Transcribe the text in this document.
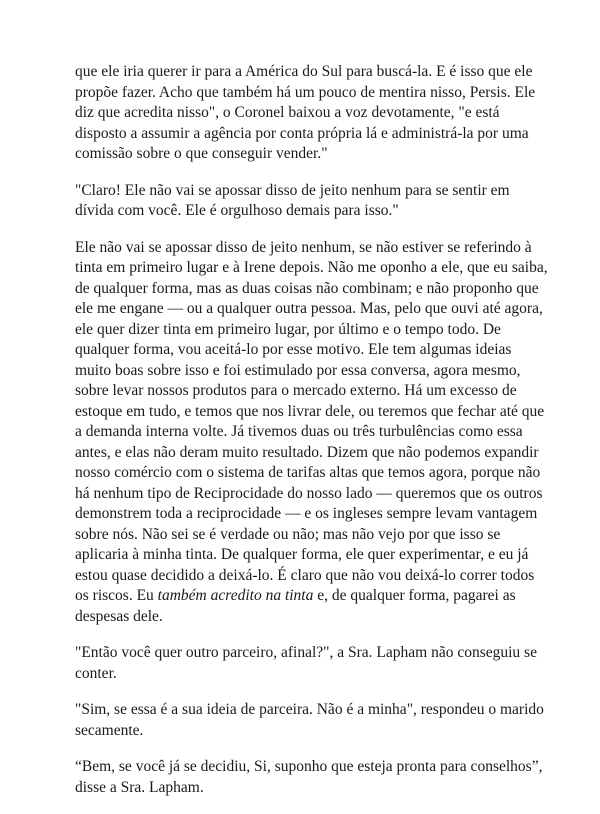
que ele iria querer ir para a América do Sul para buscá-la. E é isso que ele
propõe fazer. Acho que também há um pouco de mentira nisso, Persis. Ele
diz que acredita nisso", o Coronel baixou a voz devotamente, "e está
disposto a assumir a agência por conta própria lá e administrá-la por uma
comissão sobre o que conseguir vender."

"Claro! Ele não vai se apossar disso de jeito nenhum para se sentir em
dívida com você. Ele é orgulhoso demais para isso."

Ele não vai se apossar disso de jeito nenhum, se não estiver se referindo à
tinta em primeiro lugar e à Irene depois. Não me oponho a ele, que eu saiba,
de qualquer forma, mas as duas coisas não combinam; e não proponho que
ele me engane — ou a qualquer outra pessoa. Mas, pelo que ouvi até agora,
ele quer dizer tinta em primeiro lugar, por último e o tempo todo. De
qualquer forma, vou aceitá-lo por esse motivo. Ele tem algumas ideias
muito boas sobre isso e foi estimulado por essa conversa, agora mesmo,
sobre levar nossos produtos para o mercado externo. Há um excesso de
estoque em tudo, e temos que nos livrar dele, ou teremos que fechar até que
a demanda interna volte. Já tivemos duas ou três turbulências como essa
antes, e elas não deram muito resultado. Dizem que não podemos expandir
nosso comércio com o sistema de tarifas altas que temos agora, porque não
há nenhum tipo de Reciprocidade do nosso lado — queremos que os outros
demonstrem toda a reciprocidade — e os ingleses sempre levam vantagem
sobre nós. Não sei se é verdade ou não; mas não vejo por que isso se
aplicaria à minha tinta. De qualquer forma, ele quer experimentar, e eu já
estou quase decidido a deixá-lo. É claro que não vou deixá-lo correr todos
os riscos. Eu também acredito na tinta e, de qualquer forma, pagarei as
despesas dele.

"Então você quer outro parceiro, afinal?", a Sra. Lapham não conseguiu se
conter.

"Sim, se essa é a sua ideia de parceira. Não é a minha", respondeu o marido
secamente.

“Bem, se você já se decidiu, Si, suponho que esteja pronta para conselhos”,
disse a Sra. Lapham.
